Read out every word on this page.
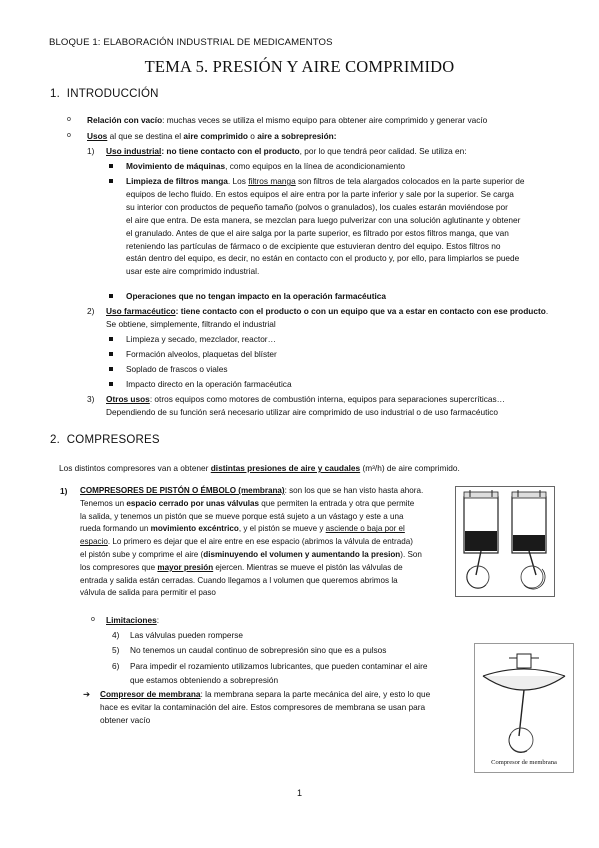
BLOQUE 1: ELABORACIÓN INDUSTRIAL DE MEDICAMENTOS
TEMA 5. PRESIÓN Y AIRE COMPRIMIDO
1. INTRODUCCIÓN
o Relación con vacío: muchas veces se utiliza el mismo equipo para obtener aire comprimido y generar vacío
o Usos al que se destina el aire comprimido o aire a sobrepresión:
1) Uso industrial: no tiene contacto con el producto, por lo que tendrá peor calidad. Se utiliza en:
Movimiento de máquinas, como equipos en la línea de acondicionamiento
Limpieza de filtros manga. Los filtros manga son filtros de tela alargados colocados en la parte superior de
equipos de lecho fluido. En estos equipos el aire entra por la parte inferior y sale por la superior. Se carga
su interior con productos de pequeño tamaño (polvos o granulados), los cuales estarán moviéndose por
el aire que entra. De esta manera, se mezclan para luego pulverizar con una solución aglutinante y obtener
el granulado. Antes de que el aire salga por la parte superior, es filtrado por estos filtros manga, que van
reteniendo las partículas de fármaco o de excipiente que estuvieran dentro del equipo. Estos filtros no
están dentro del equipo, es decir, no están en contacto con el producto y, por ello, para limpiarlos se puede
usar este aire comprimido industrial.
Operaciones que no tengan impacto en la operación farmacéutica
2) Uso farmacéutico: tiene contacto con el producto o con un equipo que va a estar en contacto con ese producto.
Se obtiene, simplemente, filtrando el industrial
Limpieza y secado, mezclador, reactor…
Formación alveolos, plaquetas del blíster
Soplado de frascos o viales
Impacto directo en la operación farmacéutica
3) Otros usos: otros equipos como motores de combustión interna, equipos para separaciones supercríticas…
Dependiendo de su función será necesario utilizar aire comprimido de uso industrial o de uso farmacéutico
2. COMPRESORES
Los distintos compresores van a obtener distintas presiones de aire y caudales (m³/h) de aire comprimido.
1) COMPRESORES DE PISTÓN O ÉMBOLO (membrana): son los que se han visto hasta ahora.
Tenemos un espacio cerrado por unas válvulas que permiten la entrada y otra que permite
la salida, y tenemos un pistón que se mueve porque está sujeto a un vástago y este a una
rueda formando un movimiento excéntrico, y el pistón se mueve y asciende o baja por el
espacio. Lo primero es dejar que el aire entre en ese espacio (abrimos la válvula de entrada)
el pistón sube y comprime el aire (disminuyendo el volumen y aumentando la presion). Son
los compresores que mayor presión ejercen. Mientras se mueve el pistón las válvulas de
entrada y salida están cerradas. Cuando llegamos a l volumen que queremos abrimos la
válvula de salida para permitir el paso
o Limitaciones:
4) Las válvulas pueden romperse
5) No tenemos un caudal continuo de sobrepresión sino que es a pulsos
6) Para impedir el rozamiento utilizamos lubricantes, que pueden contaminar el aire
que estamos obteniendo a sobrepresión
➔ Compresor de membrana: la membrana separa la parte mecánica del aire, y esto lo que
hace es evitar la contaminación del aire. Estos compresores de membrana se usan para
obtener vacío
Compresor de membrana
1
